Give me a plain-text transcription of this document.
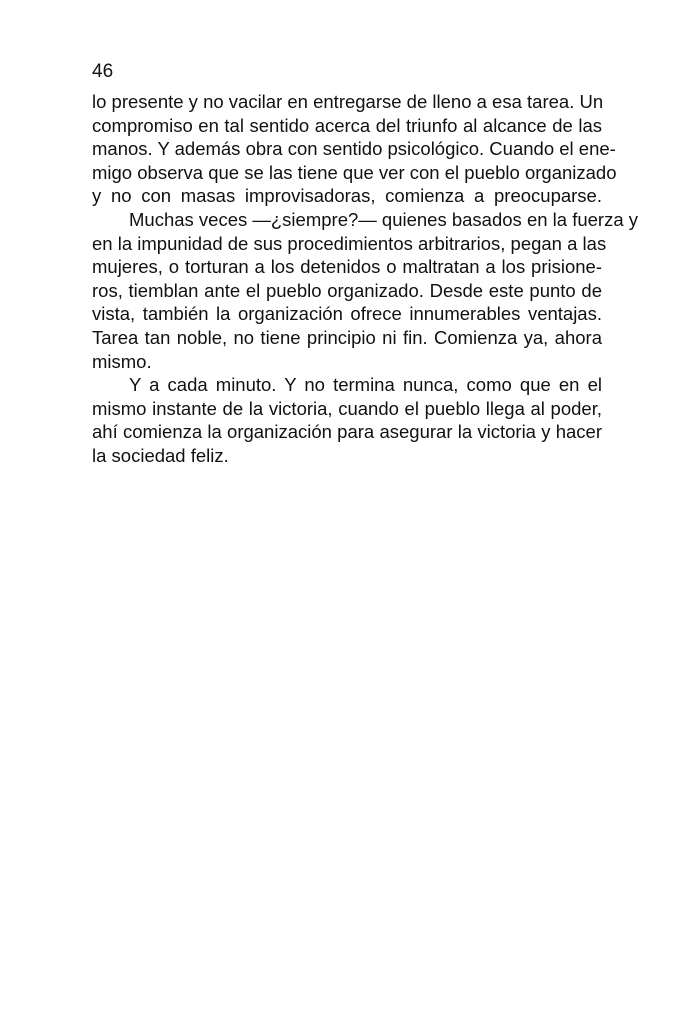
46
lo presente y no vacilar en entregarse de lleno a esa tarea. Un
compromiso en tal sentido acerca del triunfo al alcance de las
manos. Y además obra con sentido psicológico. Cuando el ene-
migo observa que se las tiene que ver con el pueblo organizado
y no con masas improvisadoras, comienza a preocuparse.
Muchas veces —¿siempre?— quienes basados en la fuerza y
en la impunidad de sus procedimientos arbitrarios, pegan a las
mujeres, o torturan a los detenidos o maltratan a los prisione-
ros, tiemblan ante el pueblo organizado. Desde este punto de
vista, también la organización ofrece innumerables ventajas.
Tarea tan noble, no tiene principio ni fin. Comienza ya, ahora
mismo.
Y a cada minuto. Y no termina nunca, como que en el
mismo instante de la victoria, cuando el pueblo llega al poder,
ahí comienza la organización para asegurar la victoria y hacer
la sociedad feliz.
